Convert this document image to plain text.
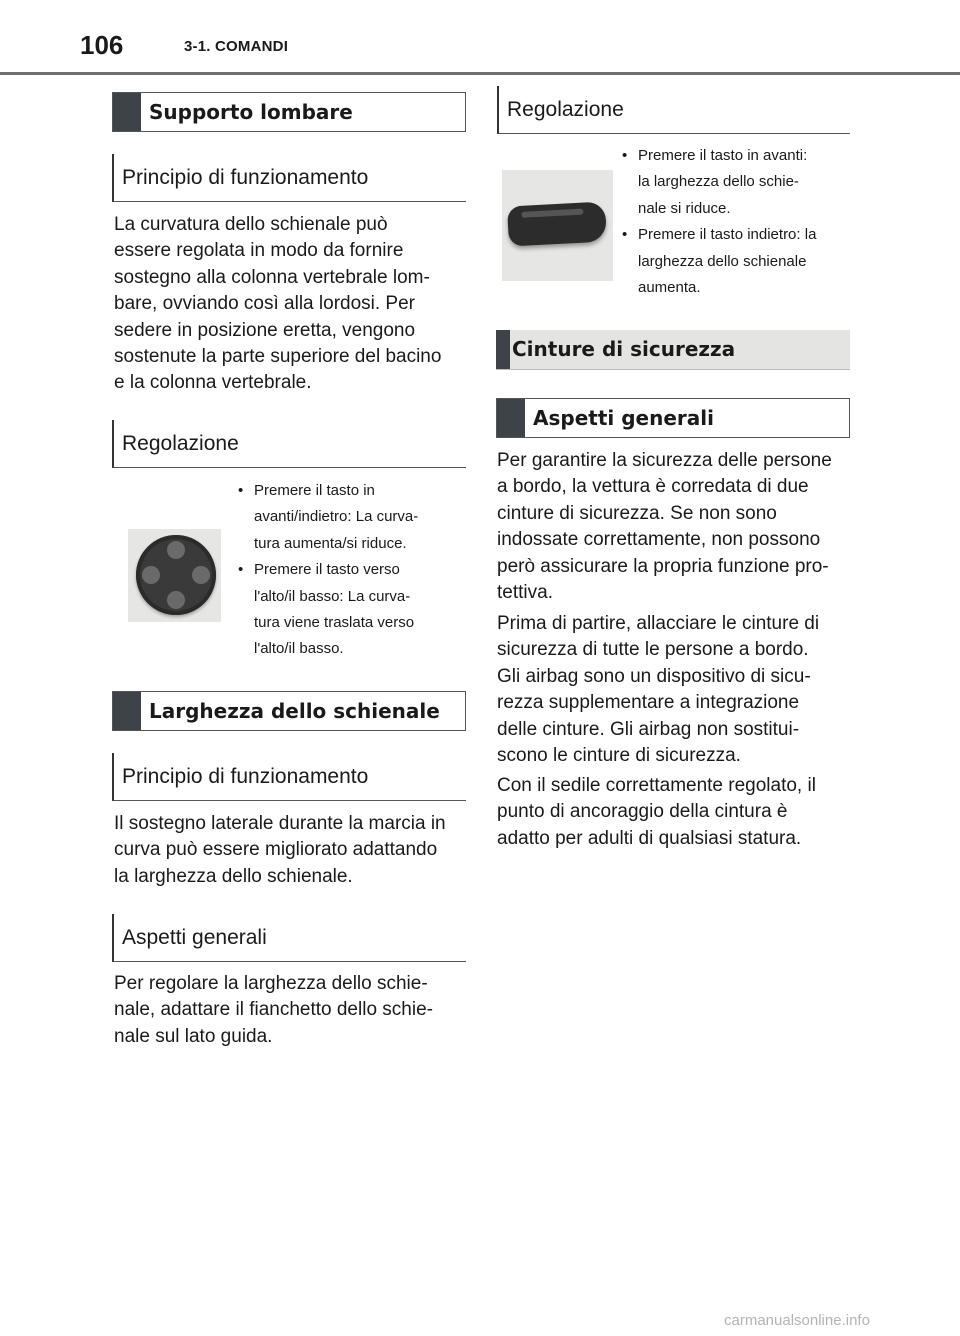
106	3-1. COMANDI
Supporto lombare
Principio di funzionamento

La curvatura dello schienale può
essere regolata in modo da fornire
sostegno alla colonna vertebrale lom-
bare, ovviando così alla lordosi. Per
sedere in posizione eretta, vengono
sostenute la parte superiore del bacino
e la colonna vertebrale.

Regolazione
• Premere il tasto in
avanti/indietro: La curva-
tura aumenta/si riduce.
• Premere il tasto verso
l'alto/il basso: La curva-
tura viene traslata verso
l'alto/il basso.
Larghezza dello schienale
Principio di funzionamento

Il sostegno laterale durante la marcia in
curva può essere migliorato adattando
la larghezza dello schienale.

Aspetti generali

Per regolare la larghezza dello schie-
nale, adattare il fianchetto dello schie-
nale sul lato guida.

Regolazione
• Premere il tasto in avanti:
la larghezza dello schie-
nale si riduce.
• Premere il tasto indietro: la
larghezza dello schienale
aumenta.
Cinture di sicurezza
Aspetti generali

Per garantire la sicurezza delle persone
a bordo, la vettura è corredata di due
cinture di sicurezza. Se non sono
indossate correttamente, non possono
però assicurare la propria funzione pro-
tettiva.

Prima di partire, allacciare le cinture di
sicurezza di tutte le persone a bordo.
Gli airbag sono un dispositivo di sicu-
rezza supplementare a integrazione
delle cinture. Gli airbag non sostitui-
scono le cinture di sicurezza.

Con il sedile correttamente regolato, il
punto di ancoraggio della cintura è
adatto per adulti di qualsiasi statura.

carmanualsonline.info
